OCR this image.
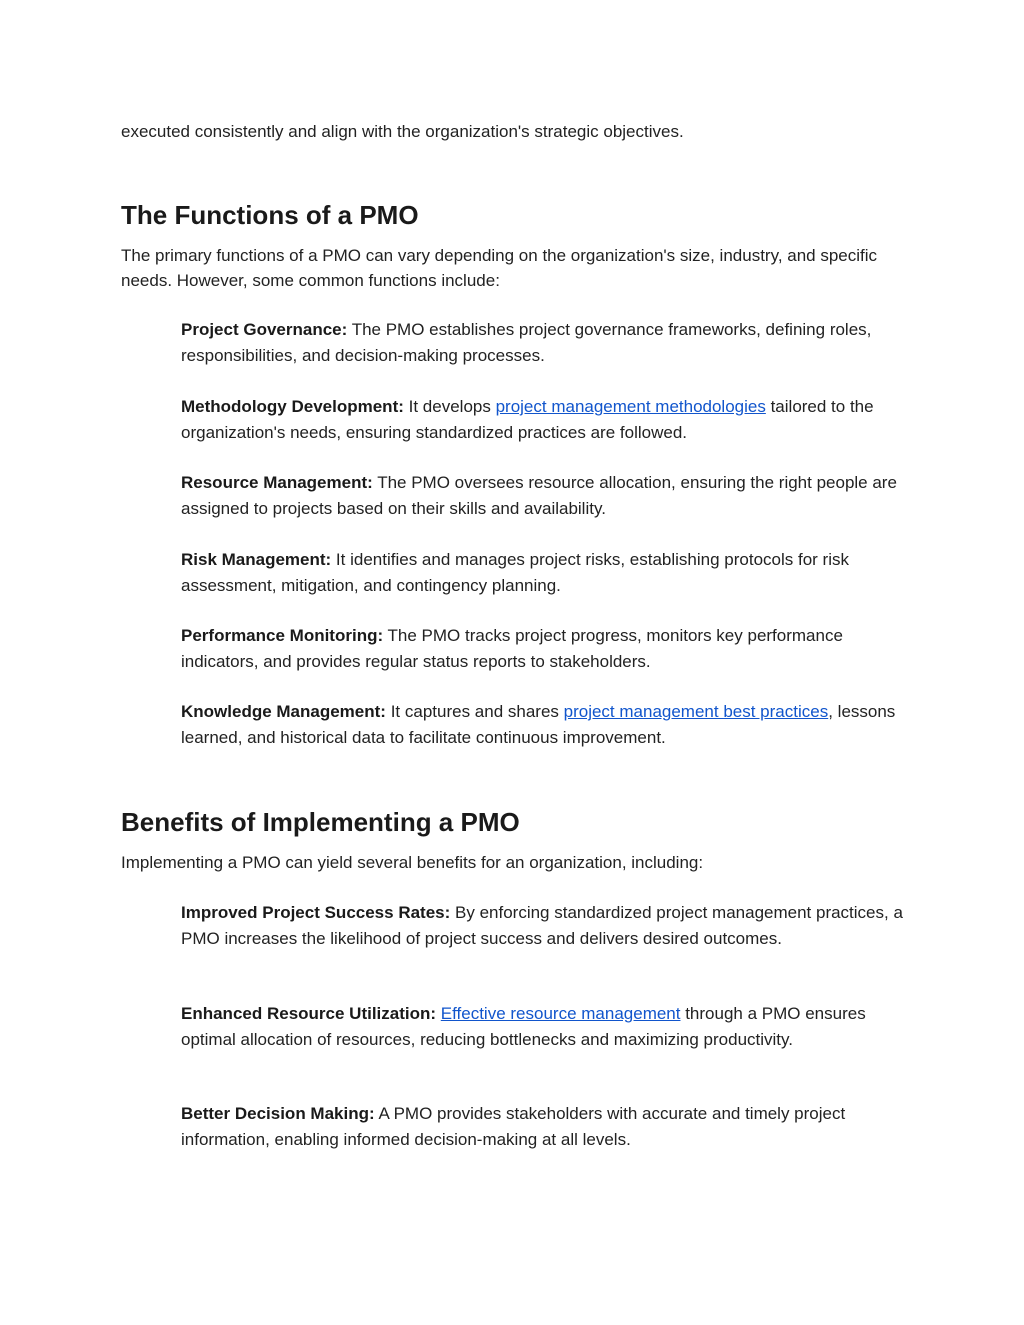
executed consistently and align with the organization's strategic objectives.

The Functions of a PMO

The primary functions of a PMO can vary depending on the organization's size, industry, and specific needs. However, some common functions include:

Project Governance: The PMO establishes project governance frameworks, defining roles, responsibilities, and decision-making processes.

Methodology Development: It develops project management methodologies tailored to the organization's needs, ensuring standardized practices are followed.

Resource Management: The PMO oversees resource allocation, ensuring the right people are assigned to projects based on their skills and availability.

Risk Management: It identifies and manages project risks, establishing protocols for risk assessment, mitigation, and contingency planning.

Performance Monitoring: The PMO tracks project progress, monitors key performance indicators, and provides regular status reports to stakeholders.

Knowledge Management: It captures and shares project management best practices, lessons learned, and historical data to facilitate continuous improvement.

Benefits of Implementing a PMO

Implementing a PMO can yield several benefits for an organization, including:

Improved Project Success Rates: By enforcing standardized project management practices, a PMO increases the likelihood of project success and delivers desired outcomes.

Enhanced Resource Utilization: Effective resource management through a PMO ensures optimal allocation of resources, reducing bottlenecks and maximizing productivity.

Better Decision Making: A PMO provides stakeholders with accurate and timely project information, enabling informed decision-making at all levels.
